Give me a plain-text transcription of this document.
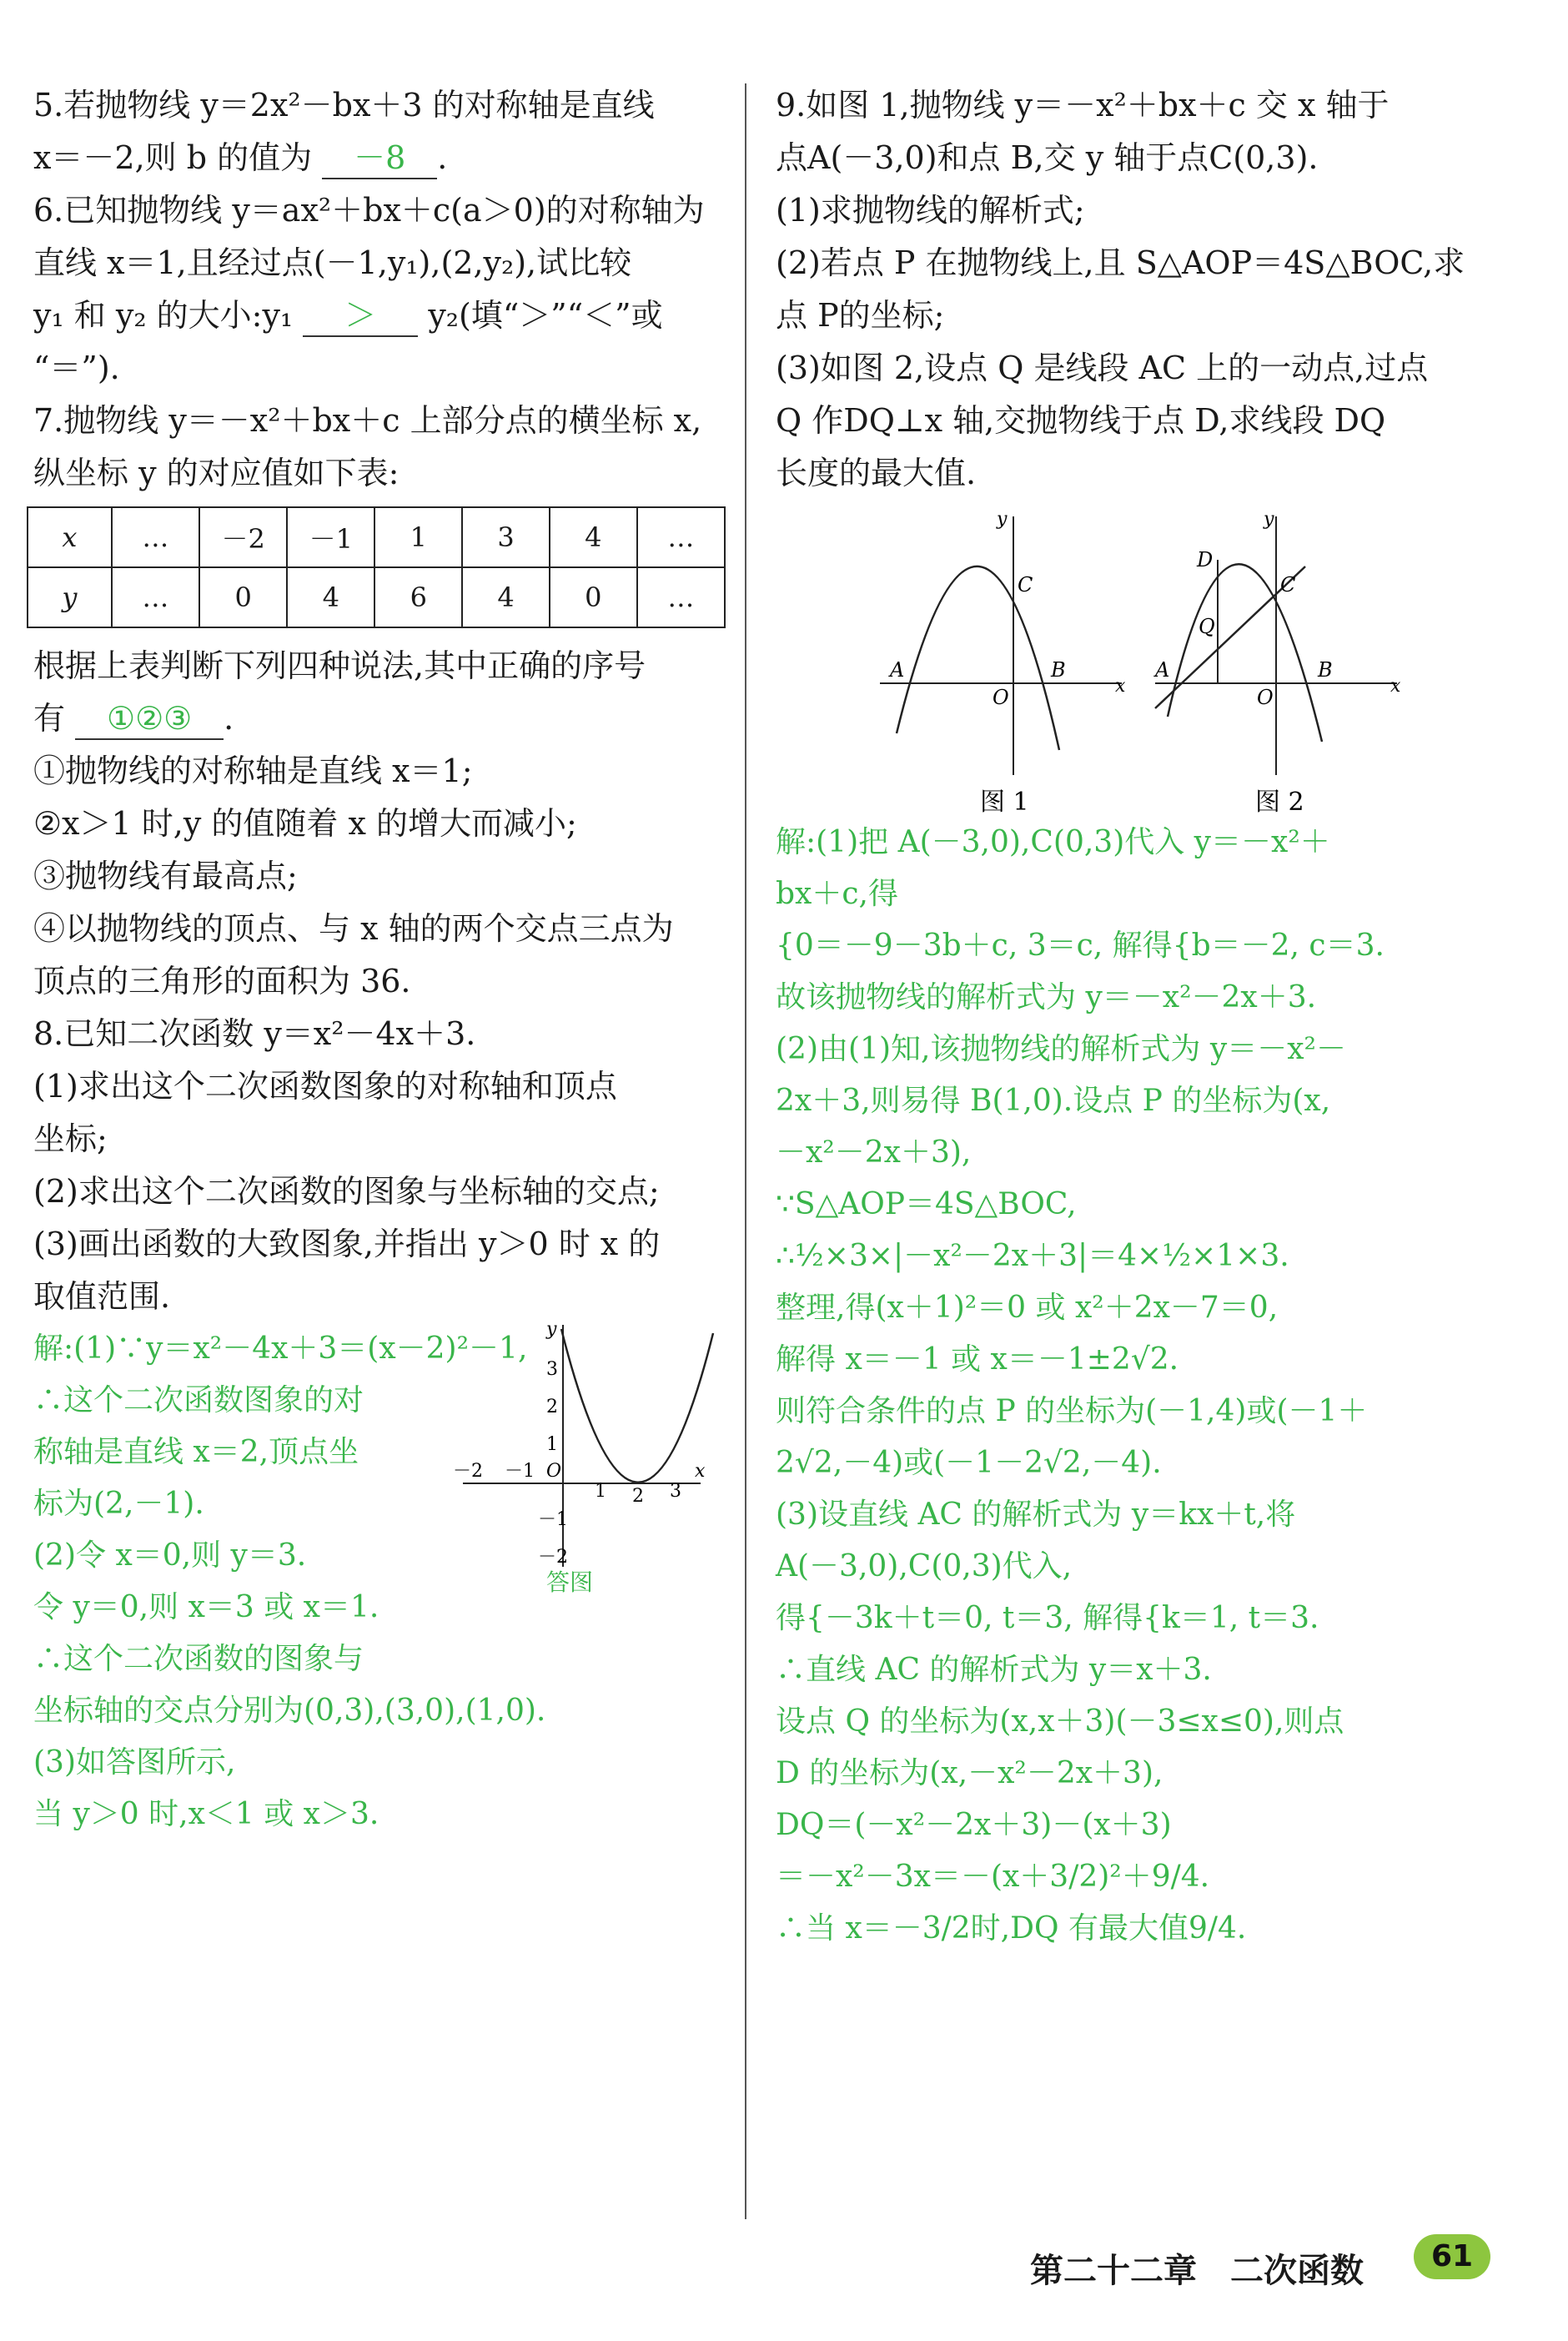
5.若抛物线 y＝2x²－bx＋3 的对称轴是直线
x＝－2,则 b 的值为 －8 .
6.已知抛物线 y＝ax²＋bx＋c(a＞0)的对称轴为
直线 x＝1,且经过点(－1,y₁),(2,y₂),试比较
y₁ 和 y₂ 的大小:y₁ ＞ y₂(填“＞”“＜”或
“＝”).
7.抛物线 y＝－x²＋bx＋c 上部分点的横坐标 x,
纵坐标 y 的对应值如下表:
x	…	－2	－1	1	3	4	…
y	…	0	4	6	4	0	…
根据上表判断下列四种说法,其中正确的序号
有 ①②③ .
①抛物线的对称轴是直线 x＝1;
②x＞1 时,y 的值随着 x 的增大而减小;
③抛物线有最高点;
④以抛物线的顶点、与 x 轴的两个交点三点为
顶点的三角形的面积为 36.
8.已知二次函数 y＝x²－4x＋3.
(1)求出这个二次函数图象的对称轴和顶点
坐标;
(2)求出这个二次函数的图象与坐标轴的交点;
(3)画出函数的大致图象,并指出 y＞0 时 x 的
取值范围.
解:(1)∵y＝x²－4x＋3＝(x－2)²－1,
－2 －1 O
1 2 3
x
3
2
1
－1
－2
y
答图
∴这个二次函数图象的对
称轴是直线 x＝2,顶点坐
标为(2,－1).
(2)令 x＝0,则 y＝3.
令 y＝0,则 x＝3 或 x＝1.
∴这个二次函数的图象与
坐标轴的交点分别为(0,3),(3,0),(1,0).
(3)如答图所示,
当 y＞0 时,x＜1 或 x＞3.
9.如图 1,抛物线 y＝－x²＋bx＋c 交 x 轴于
点A(－3,0)和点 B,交 y 轴于点C(0,3).
(1)求抛物线的解析式;
(2)若点 P 在抛物线上,且 S△AOP＝4S△BOC,求
点 P的坐标;
(3)如图 2,设点 Q 是线段 AC 上的一动点,过点
Q 作DQ⊥x 轴,交抛物线于点 D,求线段 DQ
长度的最大值.
y
C
A	B
O	x
图 1
y
D
C
Q
A	B
O	x
图 2
解:(1)把 A(－3,0),C(0,3)代入 y＝－x²＋
bx＋c,得
{0＝－9－3b＋c, 3＝c, 解得{b＝－2, c＝3.
故该抛物线的解析式为 y＝－x²－2x＋3.
(2)由(1)知,该抛物线的解析式为 y＝－x²－
2x＋3,则易得 B(1,0).设点 P 的坐标为(x,
－x²－2x＋3),
∵S△AOP＝4S△BOC,
∴½×3×|－x²－2x＋3|＝4×½×1×3.
整理,得(x＋1)²＝0 或 x²＋2x－7＝0,
解得 x＝－1 或 x＝－1±2√2.
则符合条件的点 P 的坐标为(－1,4)或(－1＋
2√2,－4)或(－1－2√2,－4).
(3)设直线 AC 的解析式为 y＝kx＋t,将
A(－3,0),C(0,3)代入,
得{－3k＋t＝0, t＝3, 解得{k＝1, t＝3.
∴直线 AC 的解析式为 y＝x＋3.
设点 Q 的坐标为(x,x＋3)(－3≤x≤0),则点
D 的坐标为(x,－x²－2x＋3),
DQ＝(－x²－2x＋3)－(x＋3)
＝－x²－3x＝－(x＋3/2)²＋9/4.
∴当 x＝－3/2时,DQ 有最大值9/4.
第二十二章　二次函数	61
